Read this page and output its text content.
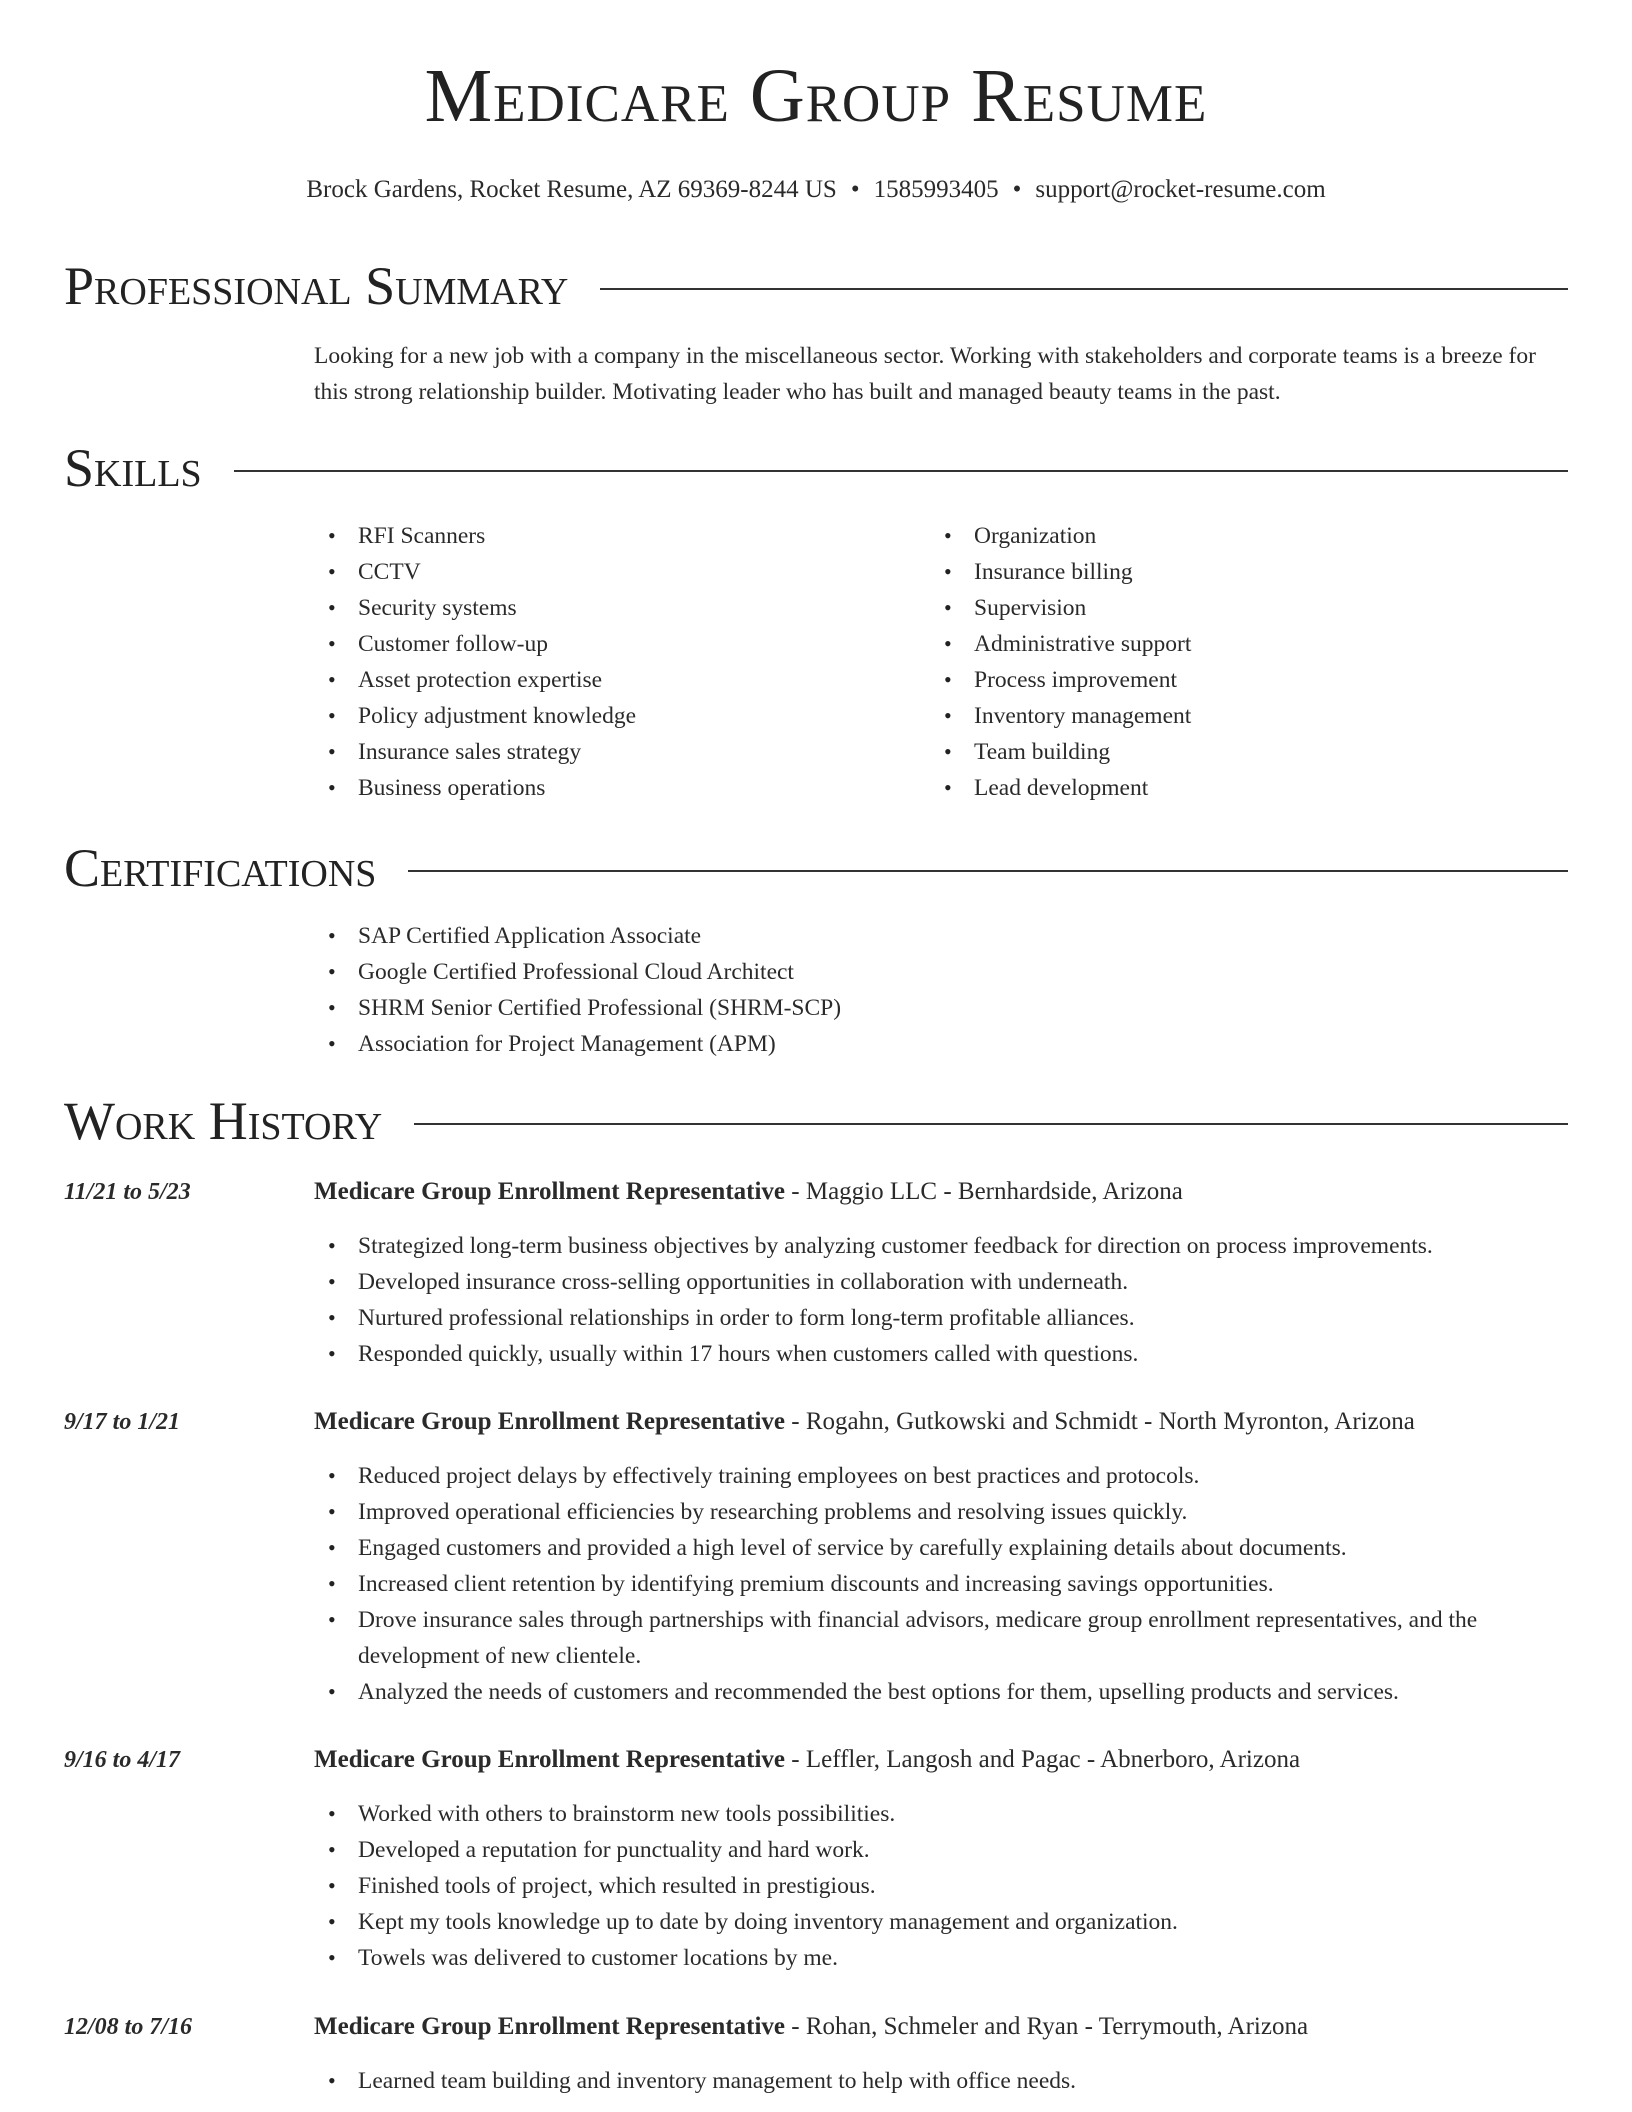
Medicare Group Resume
Brock Gardens, Rocket Resume, AZ 69369-8244 US • 1585993405 • support@rocket-resume.com
Professional Summary
Looking for a new job with a company in the miscellaneous sector. Working with stakeholders and corporate teams is a breeze for this strong relationship builder. Motivating leader who has built and managed beauty teams in the past.
Skills
• RFI Scanners
• CCTV
• Security systems
• Customer follow-up
• Asset protection expertise
• Policy adjustment knowledge
• Insurance sales strategy
• Business operations
• Organization
• Insurance billing
• Supervision
• Administrative support
• Process improvement
• Inventory management
• Team building
• Lead development
Certifications
• SAP Certified Application Associate
• Google Certified Professional Cloud Architect
• SHRM Senior Certified Professional (SHRM-SCP)
• Association for Project Management (APM)
Work History
11/21 to 5/23	Medicare Group Enrollment Representative - Maggio LLC - Bernhardside, Arizona
• Strategized long-term business objectives by analyzing customer feedback for direction on process improvements.
• Developed insurance cross-selling opportunities in collaboration with underneath.
• Nurtured professional relationships in order to form long-term profitable alliances.
• Responded quickly, usually within 17 hours when customers called with questions.
9/17 to 1/21	Medicare Group Enrollment Representative - Rogahn, Gutkowski and Schmidt - North Myronton, Arizona
• Reduced project delays by effectively training employees on best practices and protocols.
• Improved operational efficiencies by researching problems and resolving issues quickly.
• Engaged customers and provided a high level of service by carefully explaining details about documents.
• Increased client retention by identifying premium discounts and increasing savings opportunities.
• Drove insurance sales through partnerships with financial advisors, medicare group enrollment representatives, and the development of new clientele.
• Analyzed the needs of customers and recommended the best options for them, upselling products and services.
9/16 to 4/17	Medicare Group Enrollment Representative - Leffler, Langosh and Pagac - Abnerboro, Arizona
• Worked with others to brainstorm new tools possibilities.
• Developed a reputation for punctuality and hard work.
• Finished tools of project, which resulted in prestigious.
• Kept my tools knowledge up to date by doing inventory management and organization.
• Towels was delivered to customer locations by me.
12/08 to 7/16	Medicare Group Enrollment Representative - Rohan, Schmeler and Ryan - Terrymouth, Arizona
• Learned team building and inventory management to help with office needs.
